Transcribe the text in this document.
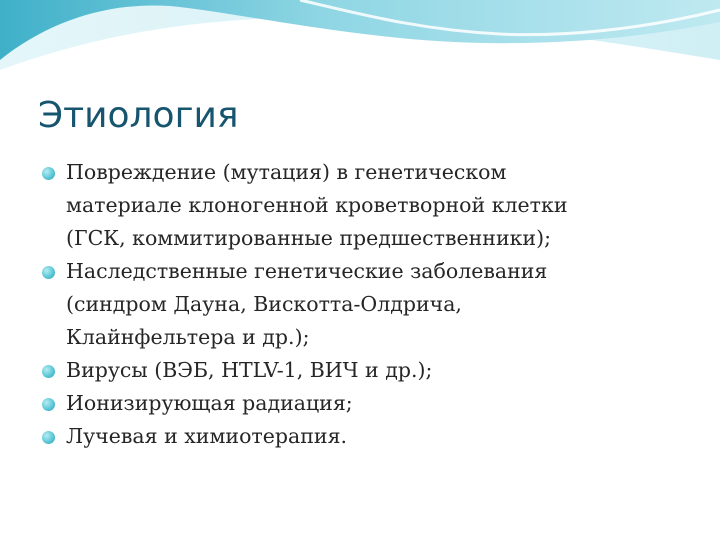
Этиология
Повреждение (мутация) в генетическом
материале клоногенной кроветворной клетки
(ГСК, коммитированные предшественники);
Наследственные генетические заболевания
(синдром Дауна, Вискотта-Олдрича,
Клайнфельтера и др.);
Вирусы (ВЭБ, HTLV-1, ВИЧ и др.);
Ионизирующая радиация;
Лучевая и химиотерапия.
